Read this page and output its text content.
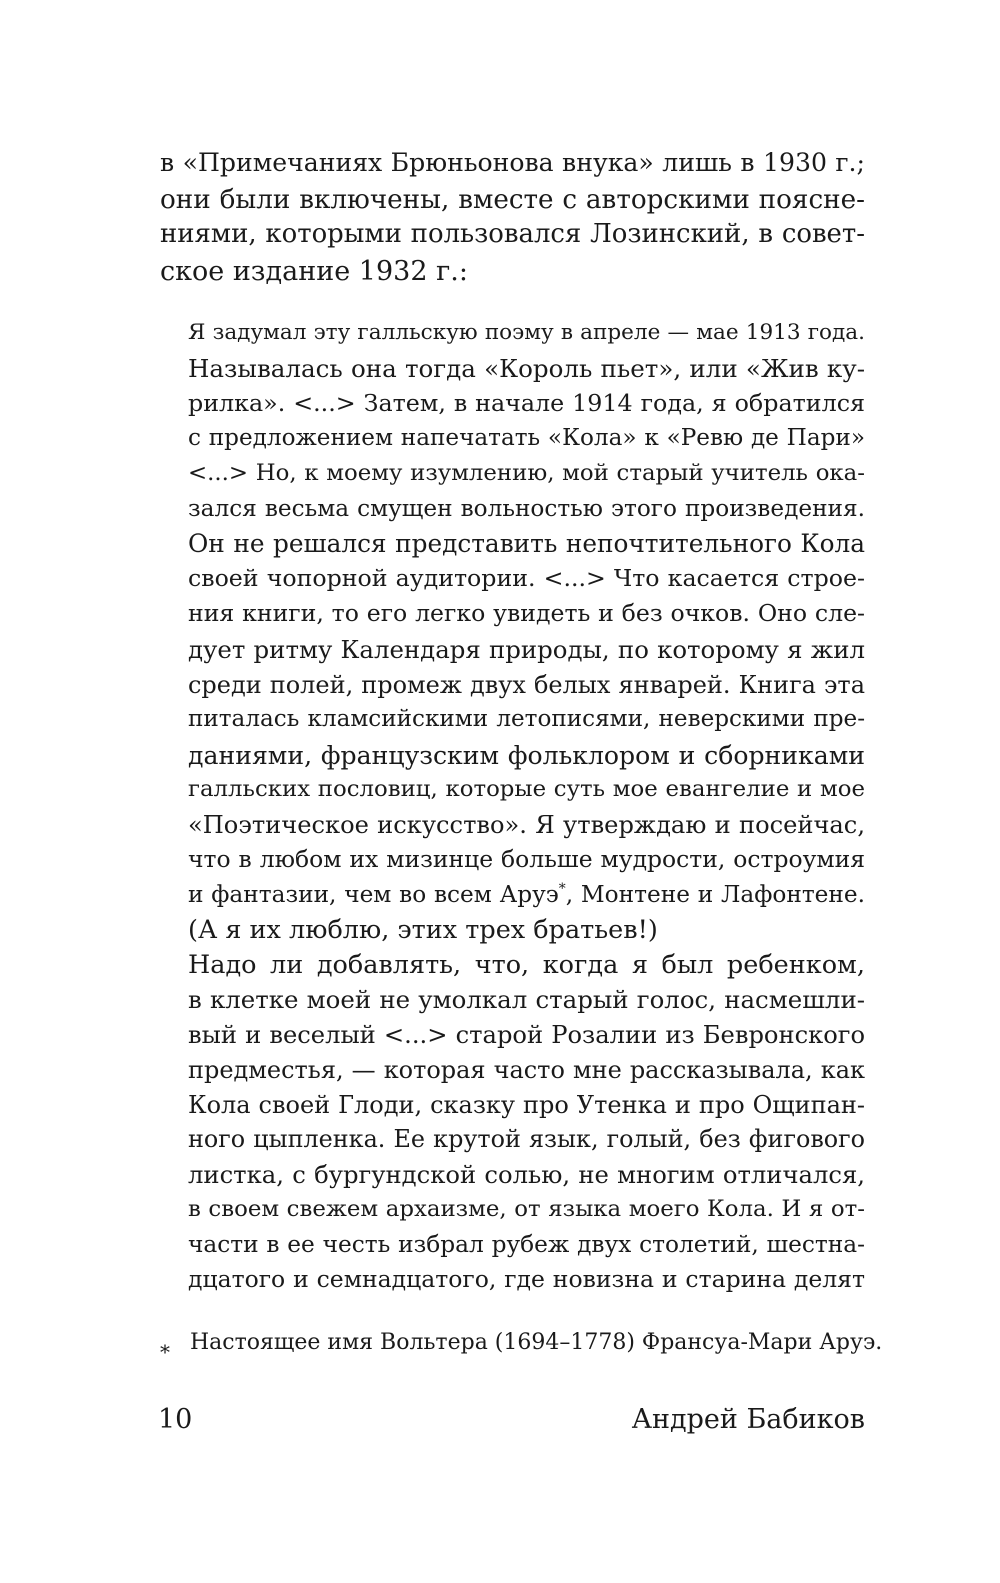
в «Примечаниях Брюньонова внука» лишь в 1930 г.;
они были включены, вместе с авторскими поясне-
ниями, которыми пользовался Лозинский, в совет-
ское издание 1932 г.:
Я задумал эту галльскую поэму в апреле — мае 1913 года.
Называлась она тогда «Король пьет», или «Жив ку-
рилка». <...> Затем, в начале 1914 года, я обратился
с предложением напечатать «Кола» к «Ревю де Пари»
<...> Но, к моему изумлению, мой старый учитель ока-
зался весьма смущен вольностью этого произведения.
Он не решался представить непочтительного Кола
своей чопорной аудитории. <...> Что касается строе-
ния книги, то его легко увидеть и без очков. Оно сле-
дует ритму Календаря природы, по которому я жил
среди полей, промеж двух белых январей. Книга эта
питалась кламсийскими летописями, неверскими пре-
даниями, французским фольклором и сборниками
галльских пословиц, которые суть мое евангелие и мое
«Поэтическое искусство». Я утверждаю и посейчас,
что в любом их мизинце больше мудрости, остроумия
и фантазии, чем во всем Аруэ*, Монтене и Лафонтене.
(А я их люблю, этих трех братьев!)
Надо ли добавлять, что, когда я был ребенком,
в клетке моей не умолкал старый голос, насмешли-
вый и веселый <...> старой Розалии из Бевронского
предместья, — которая часто мне рассказывала, как
Кола своей Глоди, сказку про Утенка и про Ощипан-
ного цыпленка. Ее крутой язык, голый, без фигового
листка, с бургундской солью, не многим отличался,
в своем свежем архаизме, от языка моего Кола. И я от-
части в ее честь избрал рубеж двух столетий, шестна-
дцатого и семнадцатого, где новизна и старина делят
* Настоящее имя Вольтера (1694–1778) Франсуа-Мари Аруэ.
10	Андрей Бабиков
